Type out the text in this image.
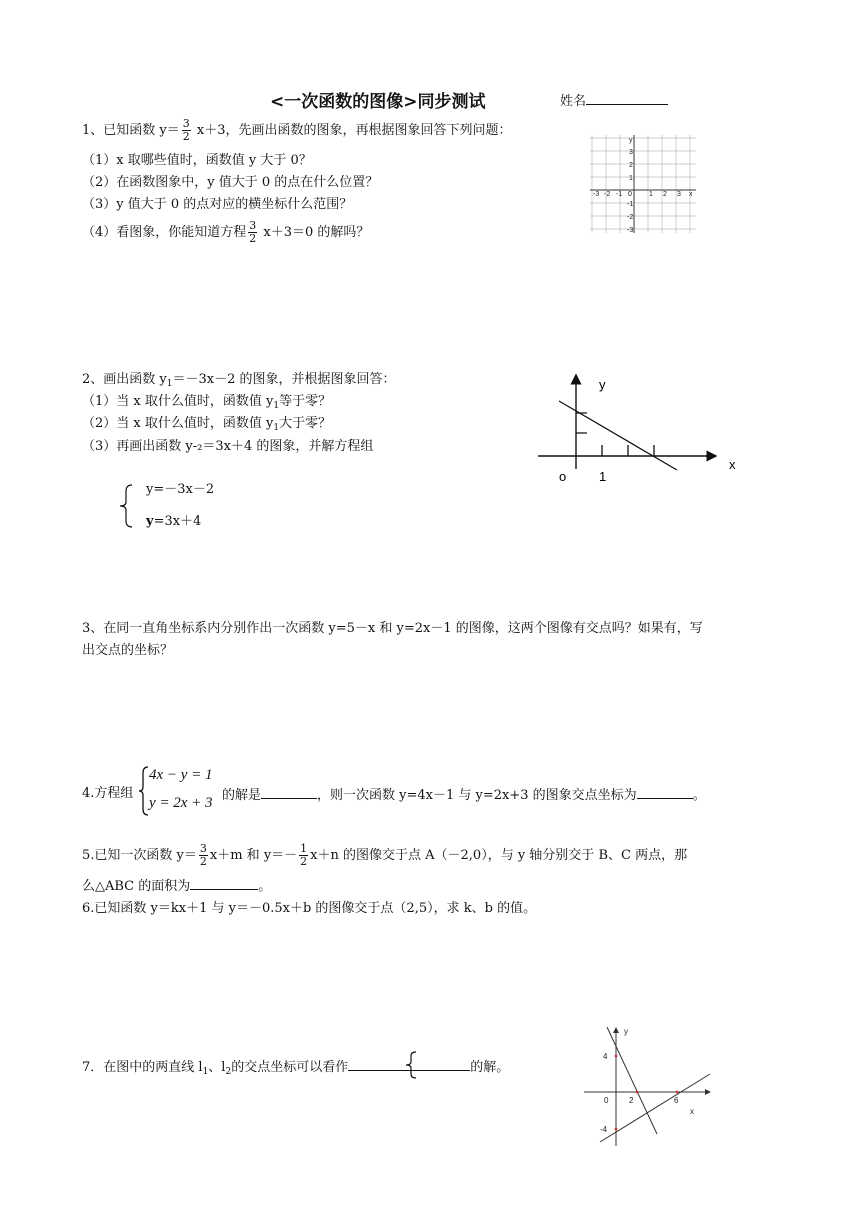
<一次函数的图像>同步测试	姓名
1、已知函数 $y= \frac{3}{2} x+3$，先画出函数的图象，再根据图象回答下列问题：
（1）x 取哪些值时，函数值 y 大于 0？
（2）在函数图象中，y 值大于 0 的点在什么位置？
（3）y 值大于 0 的点对应的横坐标什么范围？
（4）看图象，你能知道方程 $\frac{3}{2} x+3=0$ 的解吗？
y
3
2
1
-1
-2
-3
-3 -2 -1 0 1 2 3 x
2、画出函数 $y_1=-3x-2$ 的图象，并根据图象回答：
（1）当 x 取什么值时，函数值 $y_1$等于零？
（2）当 x 取什么值时，函数值 $y_1$大于零？
（3）再画出函数 y-₂＝3x＋4 的图象，并解方程组
y=－3x－2
y=3x＋4
y
x
o	1
3、在同一直角坐标系内分别作出一次函数 y=5－x 和 y=2x－1 的图像，这两个图像有交点吗？如果有，写
出交点的坐标？
4.方程组
4x − y = 1
y = 2x + 3 的解是	，则一次函数 y=4x－1 与 y=2x+3 的图象交点坐标为	。
5.已知一次函数 $y= \frac{3}{2} x+m$ 和 $y=- \frac{1}{2} x+n$ 的图像交于点 A（－2,0），与 y 轴分别交于 B、C 两点，那
么△ABC 的面积为	。
6.已知函数 y＝kx＋1 与 y＝－0.5x＋b 的图像交于点（2,5），求 k、b 的值。
7．在图中的两直线 $l_1$、$l_2$的交点坐标可以看作	的解。
y
x
4
0	2	6
-4
